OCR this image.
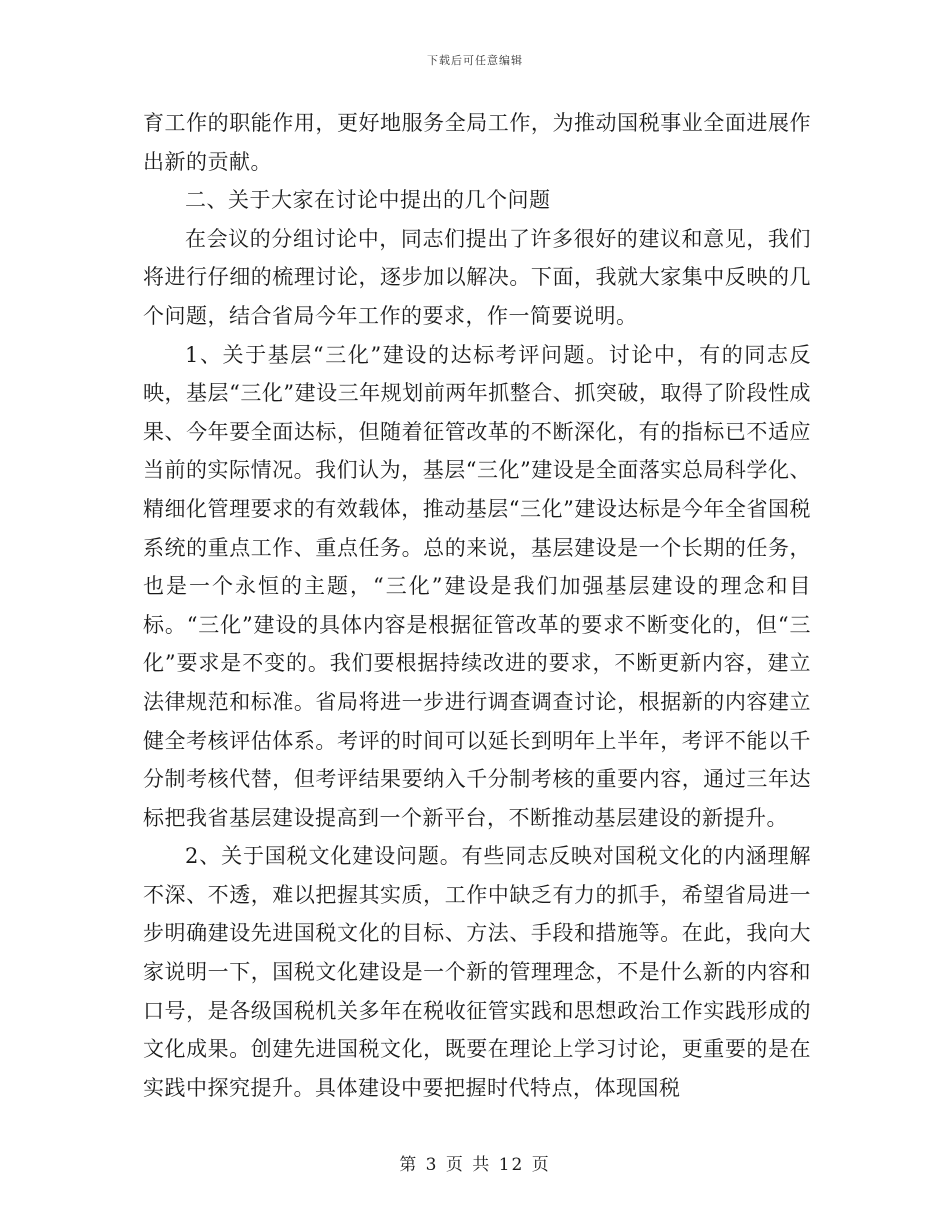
下载后可任意编辑

育工作的职能作用，更好地服务全局工作，为推动国税事业全面进展作出新的贡献。

二、关于大家在讨论中提出的几个问题

在会议的分组讨论中，同志们提出了许多很好的建议和意见，我们将进行仔细的梳理讨论，逐步加以解决。下面，我就大家集中反映的几个问题，结合省局今年工作的要求，作一简要说明。

1、关于基层“三化”建设的达标考评问题。讨论中，有的同志反映，基层“三化”建设三年规划前两年抓整合、抓突破，取得了阶段性成果、今年要全面达标，但随着征管改革的不断深化，有的指标已不适应当前的实际情况。我们认为，基层“三化”建设是全面落实总局科学化、精细化管理要求的有效载体，推动基层“三化”建设达标是今年全省国税系统的重点工作、重点任务。总的来说，基层建设是一个长期的任务，也是一个永恒的主题，“三化”建设是我们加强基层建设的理念和目标。“三化”建设的具体内容是根据征管改革的要求不断变化的，但“三化”要求是不变的。我们要根据持续改进的要求，不断更新内容，建立法律规范和标准。省局将进一步进行调查调查讨论，根据新的内容建立健全考核评估体系。考评的时间可以延长到明年上半年，考评不能以千分制考核代替，但考评结果要纳入千分制考核的重要内容，通过三年达标把我省基层建设提高到一个新平台，不断推动基层建设的新提升。

2、关于国税文化建设问题。有些同志反映对国税文化的内涵理解不深、不透，难以把握其实质，工作中缺乏有力的抓手，希望省局进一步明确建设先进国税文化的目标、方法、手段和措施等。在此，我向大家说明一下，国税文化建设是一个新的管理理念，不是什么新的内容和口号，是各级国税机关多年在税收征管实践和思想政治工作实践形成的文化成果。创建先进国税文化，既要在理论上学习讨论，更重要的是在实践中探究提升。具体建设中要把握时代特点，体现国税

第 3 页 共 12 页
